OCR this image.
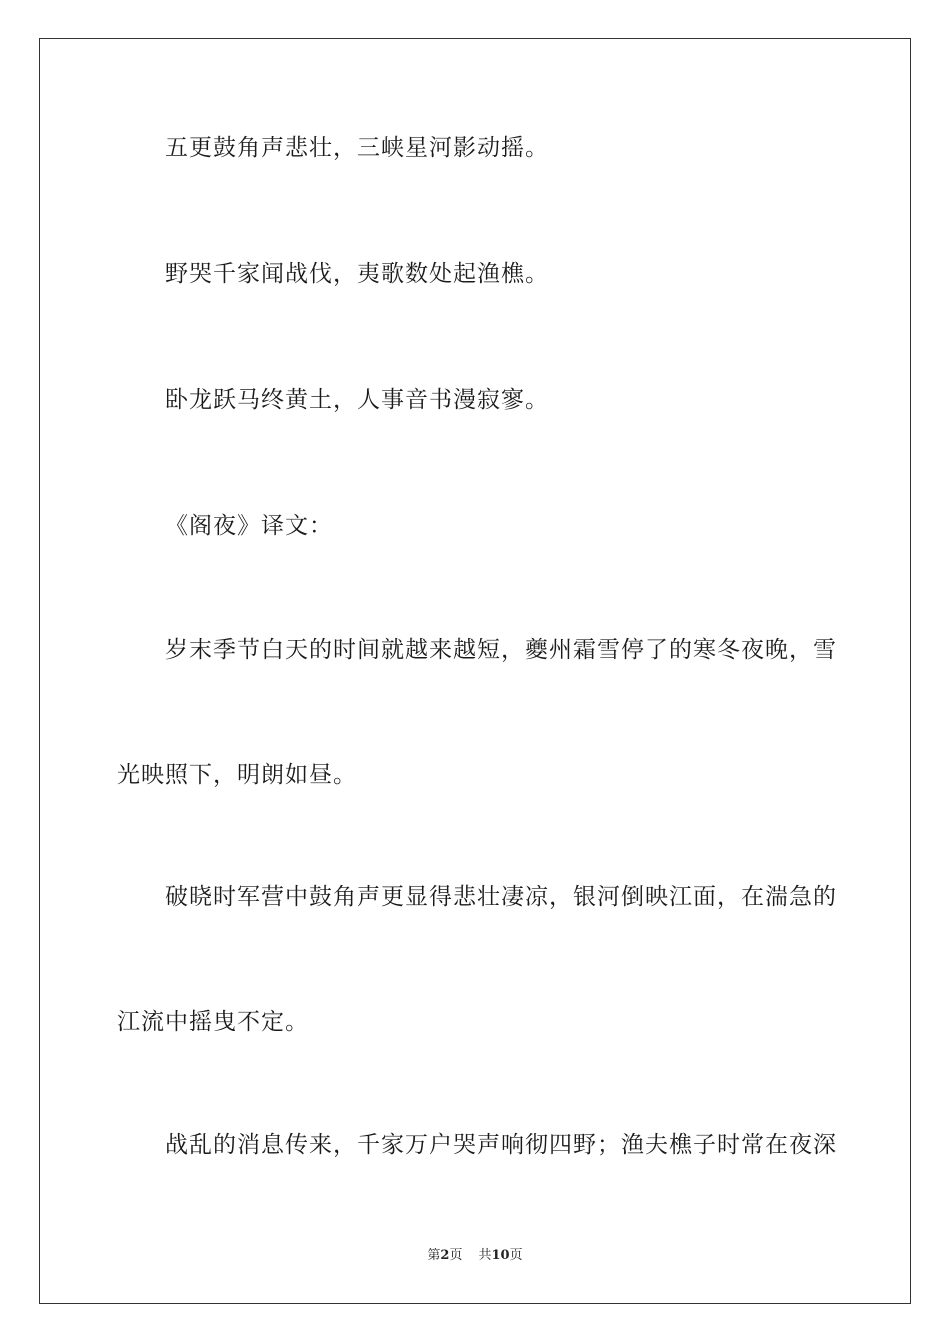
五更鼓角声悲壮，三峡星河影动摇。
野哭千家闻战伐，夷歌数处起渔樵。
卧龙跃马终黄土，人事音书漫寂寥。
《阁夜》译文：
岁末季节白天的时间就越来越短，夔州霜雪停了的寒冬夜晚，雪
光映照下，明朗如昼。
破晓时军营中鼓角声更显得悲壮凄凉，银河倒映江面，在湍急的
江流中摇曳不定。
战乱的消息传来，千家万户哭声响彻四野；渔夫樵子时常在夜深
第2页 共10页
